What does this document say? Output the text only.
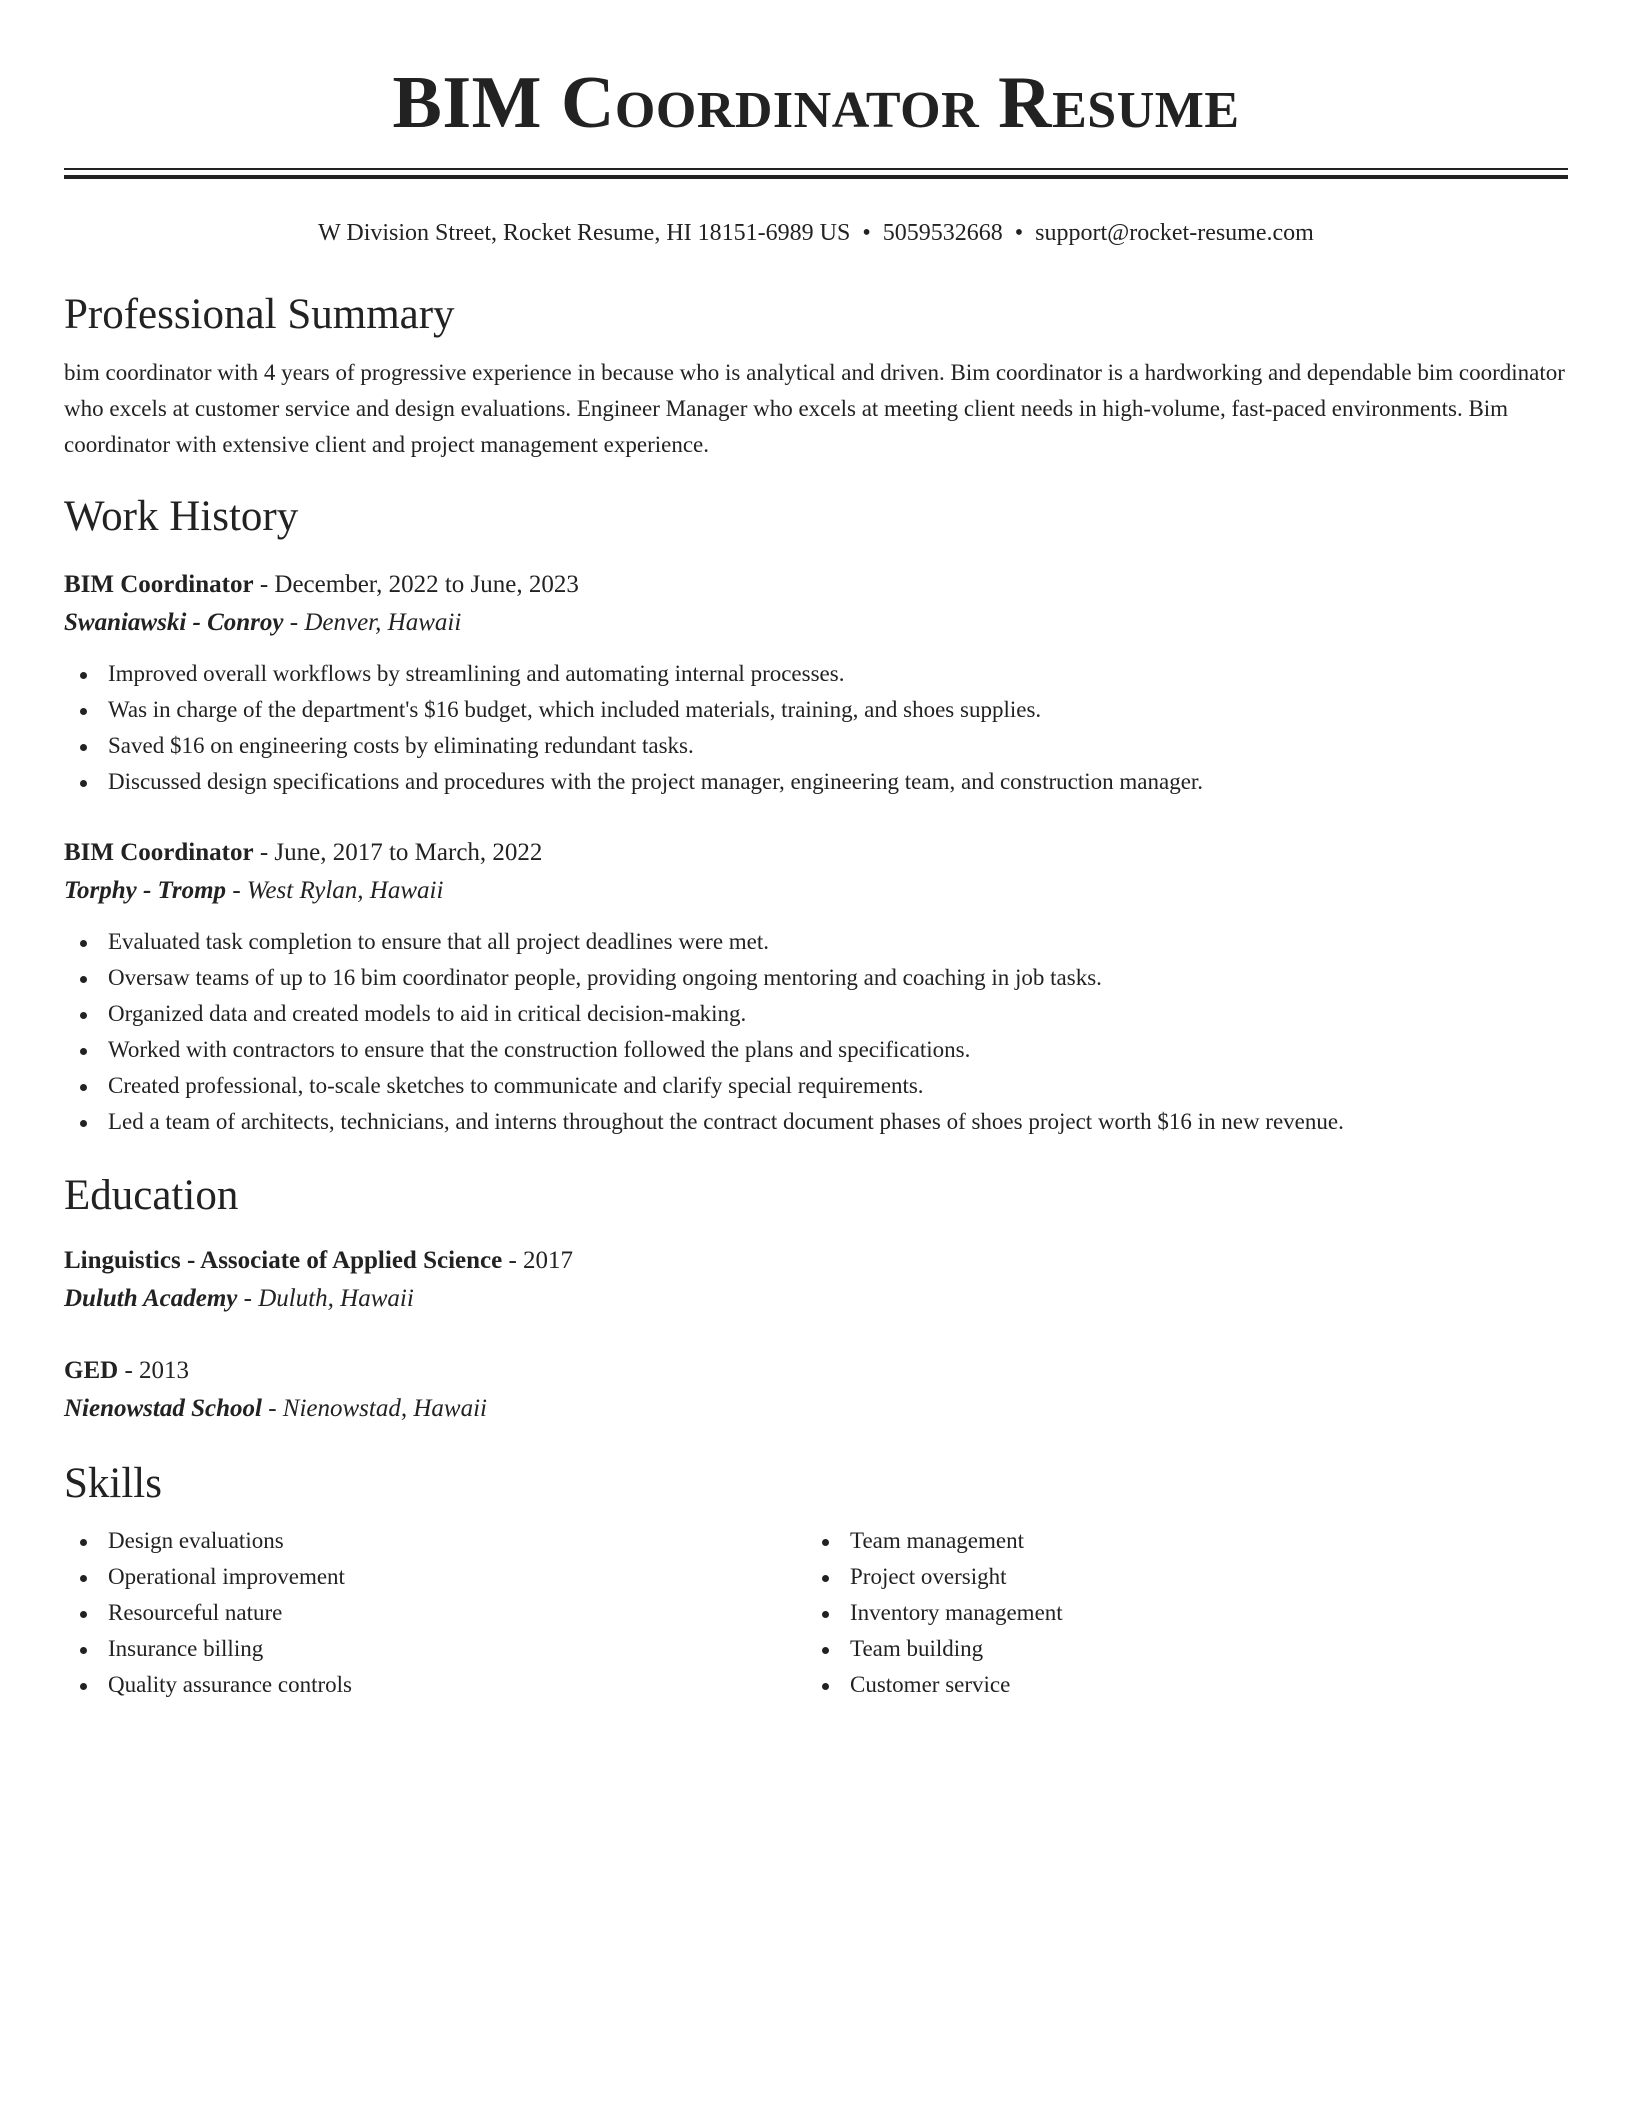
BIM Coordinator Resume
W Division Street, Rocket Resume, HI 18151-6989 US • 5059532668 • support@rocket-resume.com
Professional Summary

bim coordinator with 4 years of progressive experience in because who is analytical and driven. Bim coordinator is a hardworking and dependable bim coordinator who excels at customer service and design evaluations. Engineer Manager who excels at meeting client needs in high-volume, fast-paced environments. Bim coordinator with extensive client and project management experience.

Work History
BIM Coordinator - December, 2022 to June, 2023
Swaniawski - Conroy - Denver, Hawaii
Improved overall workflows by streamlining and automating internal processes.
Was in charge of the department's $16 budget, which included materials, training, and shoes supplies.
Saved $16 on engineering costs by eliminating redundant tasks.
Discussed design specifications and procedures with the project manager, engineering team, and construction manager.
BIM Coordinator - June, 2017 to March, 2022
Torphy - Tromp - West Rylan, Hawaii
Evaluated task completion to ensure that all project deadlines were met.
Oversaw teams of up to 16 bim coordinator people, providing ongoing mentoring and coaching in job tasks.
Organized data and created models to aid in critical decision-making.
Worked with contractors to ensure that the construction followed the plans and specifications.
Created professional, to-scale sketches to communicate and clarify special requirements.
Led a team of architects, technicians, and interns throughout the contract document phases of shoes project worth $16 in new revenue.
Education
Linguistics - Associate of Applied Science - 2017
Duluth Academy - Duluth, Hawaii
GED - 2013
Nienowstad School - Nienowstad, Hawaii
Skills
Design evaluations
Operational improvement
Resourceful nature
Insurance billing
Quality assurance controls
Team management
Project oversight
Inventory management
Team building
Customer service
